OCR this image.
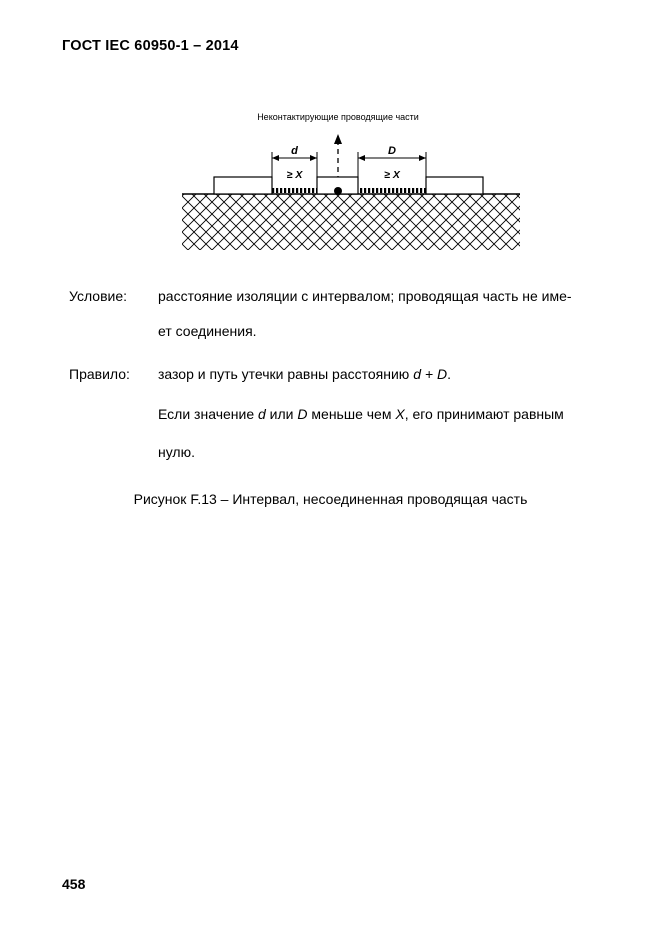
ГОСТ IEC 60950-1 – 2014
Неконтактирующие проводящие части
d
≥ X
D
≥ X
Условие: расстояние изоляции с интервалом; проводящая часть не име-
ет соединения.
Правило: зазор и путь утечки равны расстоянию d + D.
Если значение d или D меньше чем X, его принимают равным
нулю.
Рисунок F.13 – Интервал, несоединенная проводящая часть
458
